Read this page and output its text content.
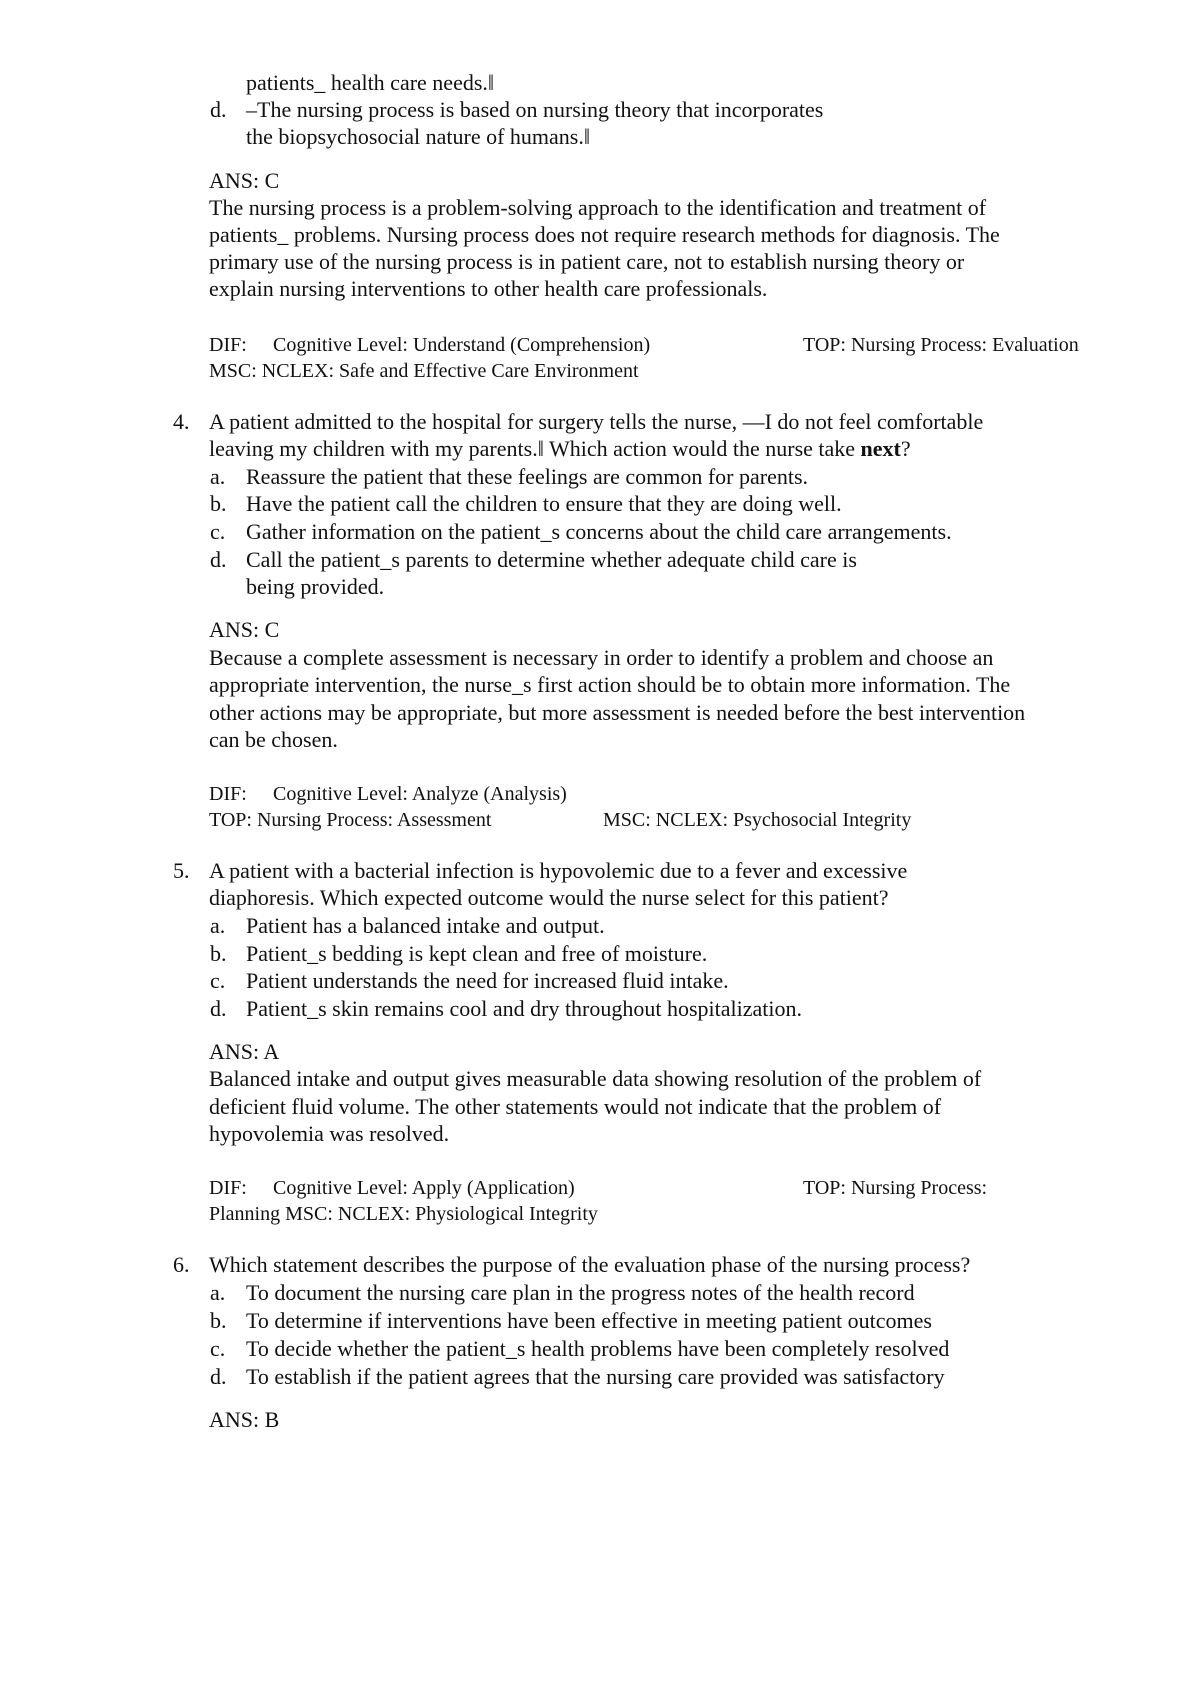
patients_ health care needs.‖
d. –The nursing process is based on nursing theory that incorporates
the biopsychosocial nature of humans.‖
ANS: C
The nursing process is a problem-solving approach to the identification and treatment of
patients_ problems. Nursing process does not require research methods for diagnosis. The
primary use of the nursing process is in patient care, not to establish nursing theory or
explain nursing interventions to other health care professionals.
DIF: Cognitive Level: Understand (Comprehension)	TOP: Nursing Process: Evaluation
MSC: NCLEX: Safe and Effective Care Environment
4. A patient admitted to the hospital for surgery tells the nurse, —I do not feel comfortable
leaving my children with my parents.‖ Which action would the nurse take next?
a. Reassure the patient that these feelings are common for parents.
b. Have the patient call the children to ensure that they are doing well.
c. Gather information on the patient_s concerns about the child care arrangements.
d. Call the patient_s parents to determine whether adequate child care is
being provided.
ANS: C
Because a complete assessment is necessary in order to identify a problem and choose an
appropriate intervention, the nurse_s first action should be to obtain more information. The
other actions may be appropriate, but more assessment is needed before the best intervention
can be chosen.
DIF: Cognitive Level: Analyze (Analysis)
TOP: Nursing Process: Assessment	MSC: NCLEX: Psychosocial Integrity
5. A patient with a bacterial infection is hypovolemic due to a fever and excessive
diaphoresis. Which expected outcome would the nurse select for this patient?
a. Patient has a balanced intake and output.
b. Patient_s bedding is kept clean and free of moisture.
c. Patient understands the need for increased fluid intake.
d. Patient_s skin remains cool and dry throughout hospitalization.
ANS: A
Balanced intake and output gives measurable data showing resolution of the problem of
deficient fluid volume. The other statements would not indicate that the problem of
hypovolemia was resolved.
DIF: Cognitive Level: Apply (Application)	TOP: Nursing Process:
Planning MSC: NCLEX: Physiological Integrity
6. Which statement describes the purpose of the evaluation phase of the nursing process?
a. To document the nursing care plan in the progress notes of the health record
b. To determine if interventions have been effective in meeting patient outcomes
c. To decide whether the patient_s health problems have been completely resolved
d. To establish if the patient agrees that the nursing care provided was satisfactory
ANS: B
